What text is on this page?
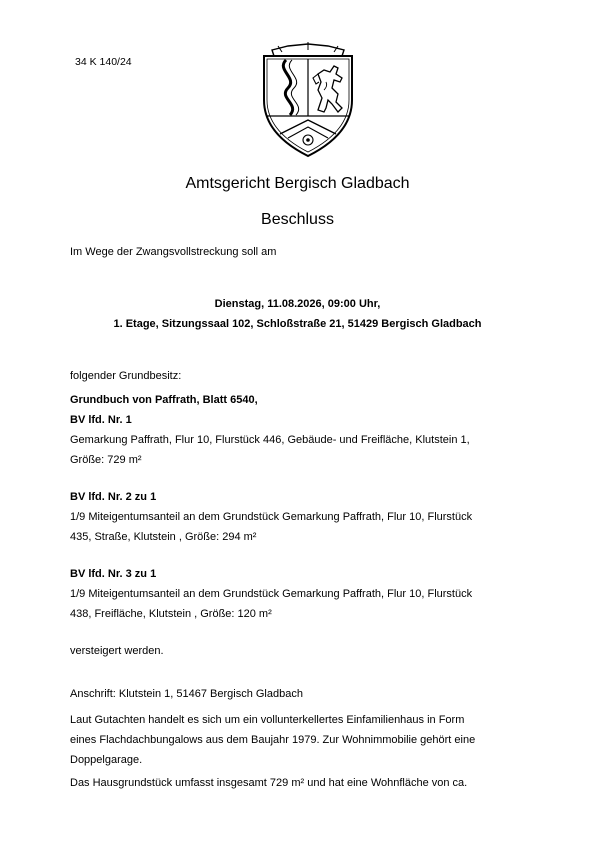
34 K 140/24
Amtsgericht Bergisch Gladbach
Beschluss
Im Wege der Zwangsvollstreckung soll am
Dienstag, 11.08.2026, 09:00 Uhr,
1. Etage, Sitzungssaal 102, Schloßstraße 21, 51429 Bergisch Gladbach
folgender Grundbesitz:
Grundbuch von Paffrath, Blatt 6540,
BV lfd. Nr. 1
Gemarkung Paffrath, Flur 10, Flurstück 446, Gebäude- und Freifläche, Klutstein 1,
Größe: 729 m²
BV lfd. Nr. 2 zu 1
1/9 Miteigentumsanteil an dem Grundstück Gemarkung Paffrath, Flur 10, Flurstück
435, Straße, Klutstein , Größe: 294 m²
BV lfd. Nr. 3 zu 1
1/9 Miteigentumsanteil an dem Grundstück Gemarkung Paffrath, Flur 10, Flurstück
438, Freifläche, Klutstein , Größe: 120 m²
versteigert werden.
Anschrift: Klutstein 1, 51467 Bergisch Gladbach
Laut Gutachten handelt es sich um ein vollunterkellertes Einfamilienhaus in Form
eines Flachdachbungalows aus dem Baujahr 1979. Zur Wohnimmobilie gehört eine
Doppelgarage.
Das Hausgrundstück umfasst insgesamt 729 m² und hat eine Wohnfläche von ca.
